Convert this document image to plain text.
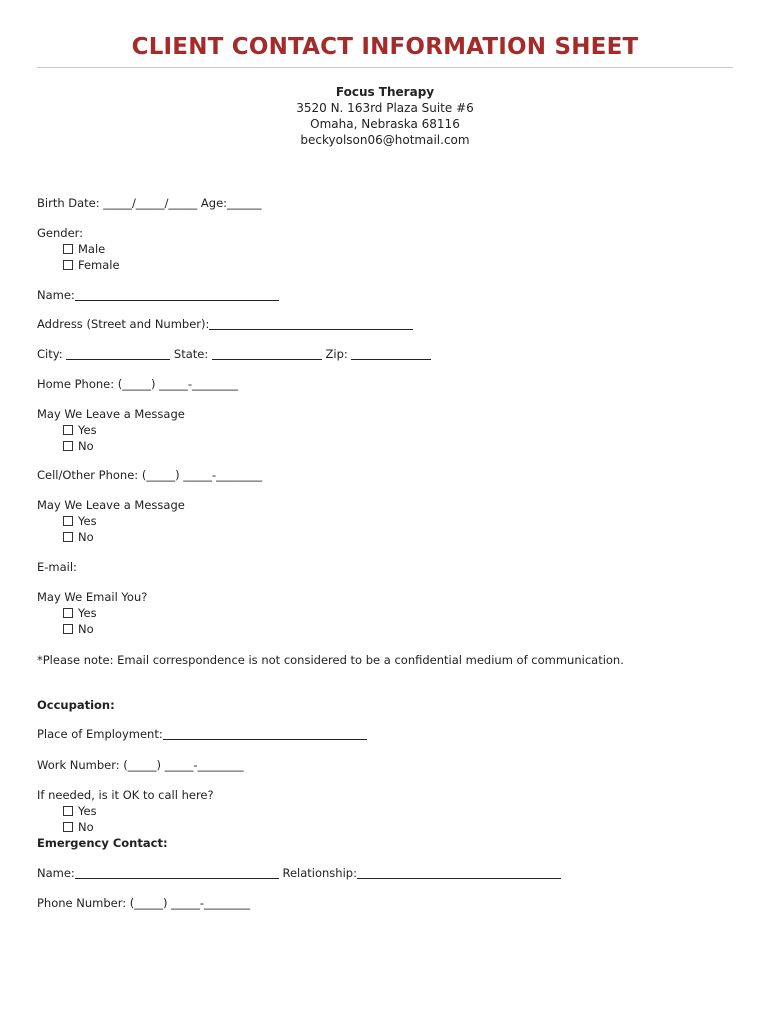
CLIENT CONTACT INFORMATION SHEET
Focus Therapy
3520 N. 163rd Plaza Suite #6
Omaha, Nebraska 68116
beckyolson06@hotmail.com
Birth Date: _____/_____/_____ Age:______
Gender:
Male
Female
Name:
Address (Street and Number):
City:	State:	Zip:
Home Phone: (_____) _____-________
May We Leave a Message
Yes
No
Cell/Other Phone: (_____) _____-________
May We Leave a Message
Yes
No
E-mail:
May We Email You?
Yes
No
*Please note: Email correspondence is not considered to be a confidential medium of communication.
Occupation:
Place of Employment:
Work Number: (_____) _____-________
If needed, is it OK to call here?
Yes
No
Emergency Contact:
Name:	Relationship:
Phone Number: (_____) _____-________
